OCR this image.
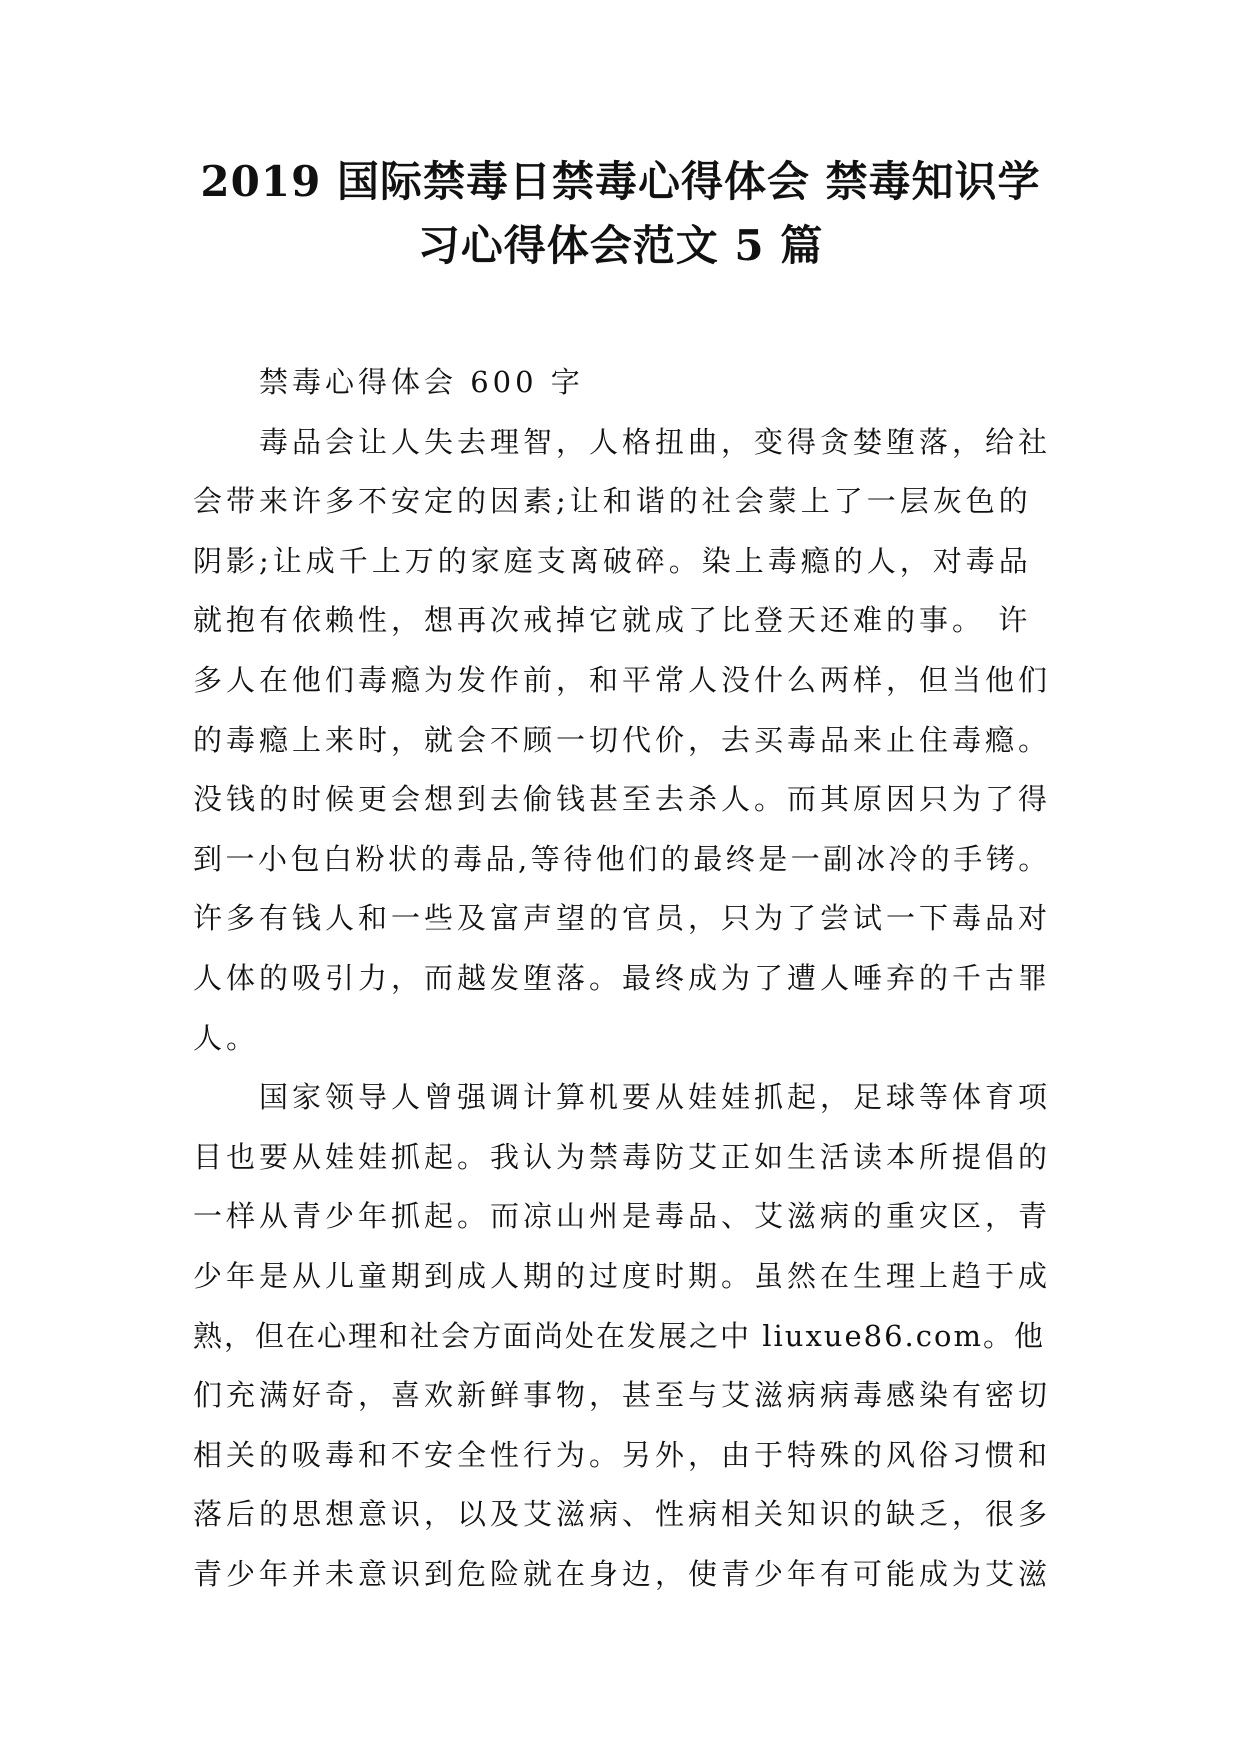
2019 国际禁毒日禁毒心得体会 禁毒知识学
习心得体会范文 5 篇
禁毒心得体会 600 字
毒品会让人失去理智，人格扭曲，变得贪婪堕落，给社
会带来许多不安定的因素;让和谐的社会蒙上了一层灰色的
阴影;让成千上万的家庭支离破碎。染上毒瘾的人，对毒品
就抱有依赖性，想再次戒掉它就成了比登天还难的事。 许
多人在他们毒瘾为发作前，和平常人没什么两样，但当他们
的毒瘾上来时，就会不顾一切代价，去买毒品来止住毒瘾。
没钱的时候更会想到去偷钱甚至去杀人。而其原因只为了得
到一小包白粉状的毒品,等待他们的最终是一副冰冷的手铐。
许多有钱人和一些及富声望的官员，只为了尝试一下毒品对
人体的吸引力，而越发堕落。最终成为了遭人唾弃的千古罪
人。
国家领导人曾强调计算机要从娃娃抓起，足球等体育项
目也要从娃娃抓起。我认为禁毒防艾正如生活读本所提倡的
一样从青少年抓起。而凉山州是毒品、艾滋病的重灾区，青
少年是从儿童期到成人期的过度时期。虽然在生理上趋于成
熟，但在心理和社会方面尚处在发展之中 liuxue86.com。他
们充满好奇，喜欢新鲜事物，甚至与艾滋病病毒感染有密切
相关的吸毒和不安全性行为。另外，由于特殊的风俗习惯和
落后的思想意识，以及艾滋病、性病相关知识的缺乏，很多
青少年并未意识到危险就在身边，使青少年有可能成为艾滋
